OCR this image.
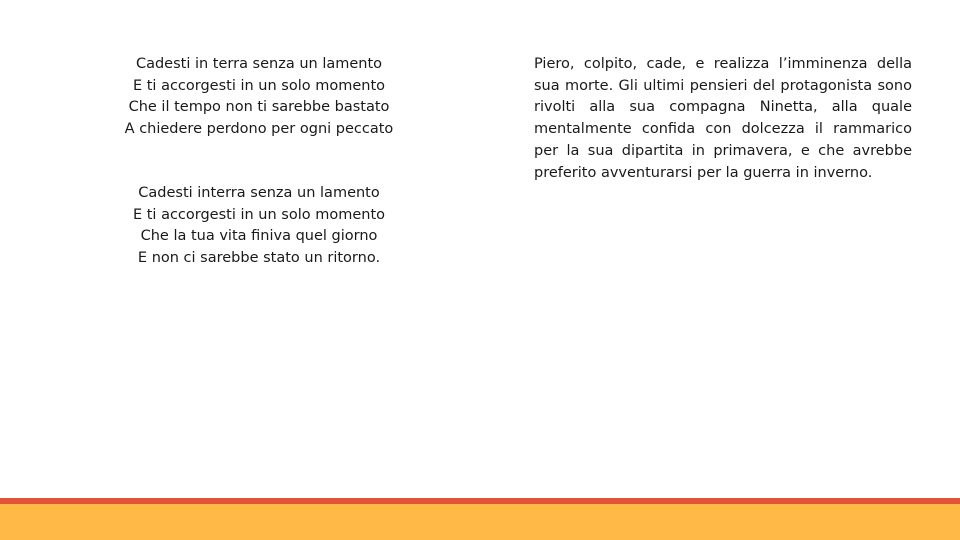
Cadesti in terra senza un lamento
E ti accorgesti in un solo momento
Che il tempo non ti sarebbe bastato
A chiedere perdono per ogni peccato
Cadesti interra senza un lamento
E ti accorgesti in un solo momento
Che la tua vita finiva quel giorno
E non ci sarebbe stato un ritorno.

Piero, colpito, cade, e realizza l’imminenza della sua morte. Gli ultimi pensieri del protagonista sono rivolti alla sua compagna Ninetta, alla quale mentalmente confida con dolcezza il rammarico per la sua dipartita in primavera, e che avrebbe preferito avventurarsi per la guerra in inverno.
